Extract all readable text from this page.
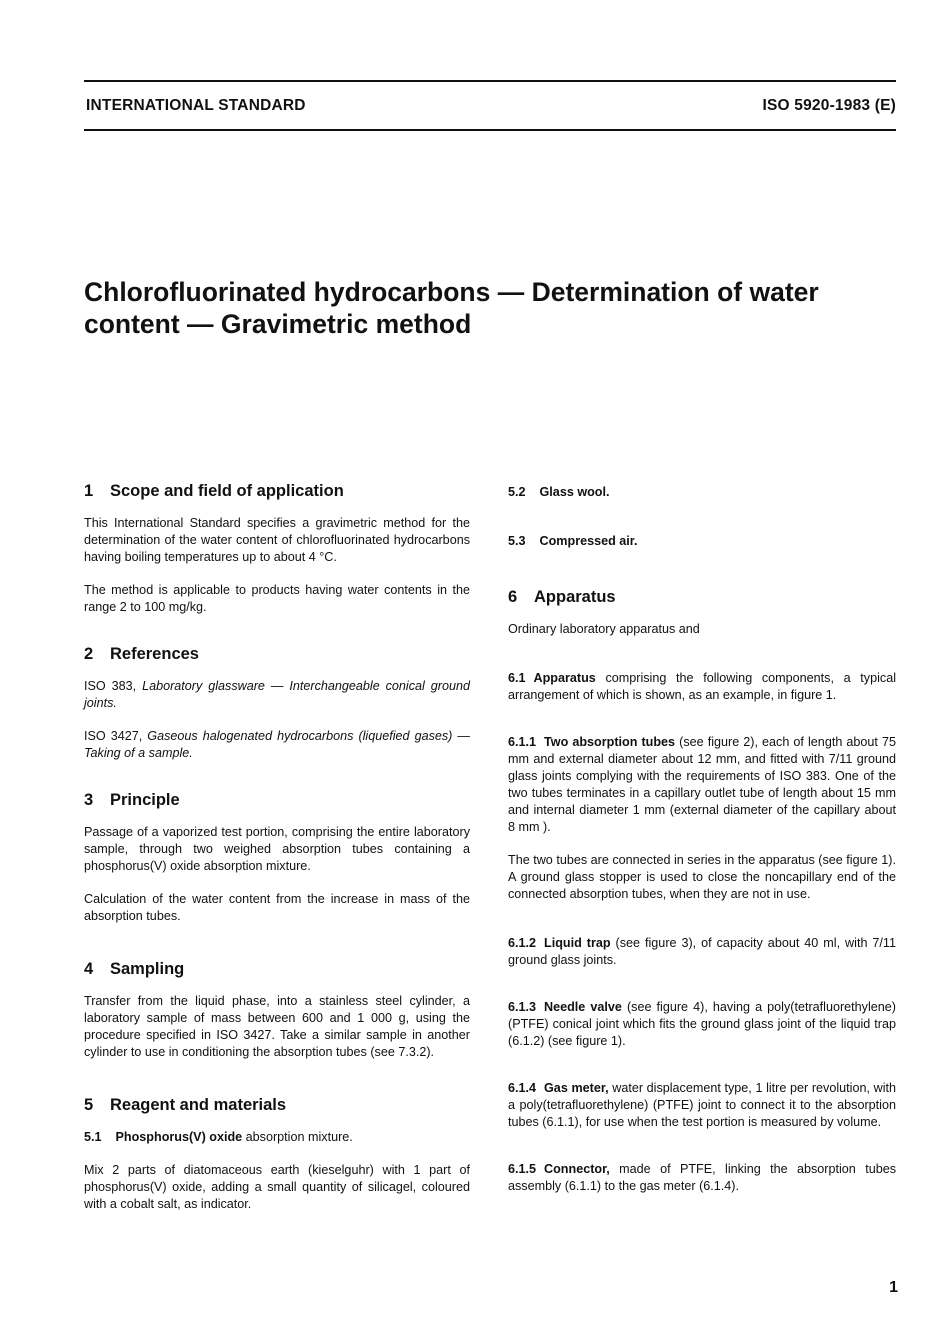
INTERNATIONAL STANDARD	ISO 5920-1983 (E)
Chlorofluorinated hydrocarbons — Determination of water
content — Gravimetric method
1 Scope and field of application

This International Standard specifies a gravimetric method for the determination of the water content of chlorofluorinated hydrocarbons having boiling temperatures up to about 4 °C.

The method is applicable to products having water contents in the range 2 to 100 mg/kg.

2 References

ISO 383, Laboratory glassware — Interchangeable conical ground joints.

ISO 3427, Gaseous halogenated hydrocarbons (liquefied gases) — Taking of a sample.

3 Principle

Passage of a vaporized test portion, comprising the entire laboratory sample, through two weighed absorption tubes containing a phosphorus(V) oxide absorption mixture.

Calculation of the water content from the increase in mass of the absorption tubes.

4 Sampling

Transfer from the liquid phase, into a stainless steel cylinder, a laboratory sample of mass between 600 and 1 000 g, using the procedure specified in ISO 3427. Take a similar sample in another cylinder to use in conditioning the absorption tubes (see 7.3.2).

5 Reagent and materials

5.1 Phosphorus(V) oxide absorption mixture.

Mix 2 parts of diatomaceous earth (kieselguhr) with 1 part of phosphorus(V) oxide, adding a small quantity of silicagel, coloured with a cobalt salt, as indicator.

5.2 Glass wool.

5.3 Compressed air.

6 Apparatus

Ordinary laboratory apparatus and

6.1 Apparatus comprising the following components, a typical arrangement of which is shown, as an example, in figure 1.

6.1.1 Two absorption tubes (see figure 2), each of length about 75 mm and external diameter about 12 mm, and fitted with 7/11 ground glass joints complying with the requirements of ISO 383. One of the two tubes terminates in a capillary outlet tube of length about 15 mm and internal diameter 1 mm (external diameter of the capillary about 8 mm ).

The two tubes are connected in series in the apparatus (see figure 1). A ground glass stopper is used to close the noncapillary end of the connected absorption tubes, when they are not in use.

6.1.2 Liquid trap (see figure 3), of capacity about 40 ml, with 7/11 ground glass joints.

6.1.3 Needle valve (see figure 4), having a poly(tetrafluorethylene) (PTFE) conical joint which fits the ground glass joint of the liquid trap (6.1.2) (see figure 1).

6.1.4 Gas meter, water displacement type, 1 litre per revolution, with a poly(tetrafluorethylene) (PTFE) joint to connect it to the absorption tubes (6.1.1), for use when the test portion is measured by volume.

6.1.5 Connector, made of PTFE, linking the absorption tubes assembly (6.1.1) to the gas meter (6.1.4).

1
